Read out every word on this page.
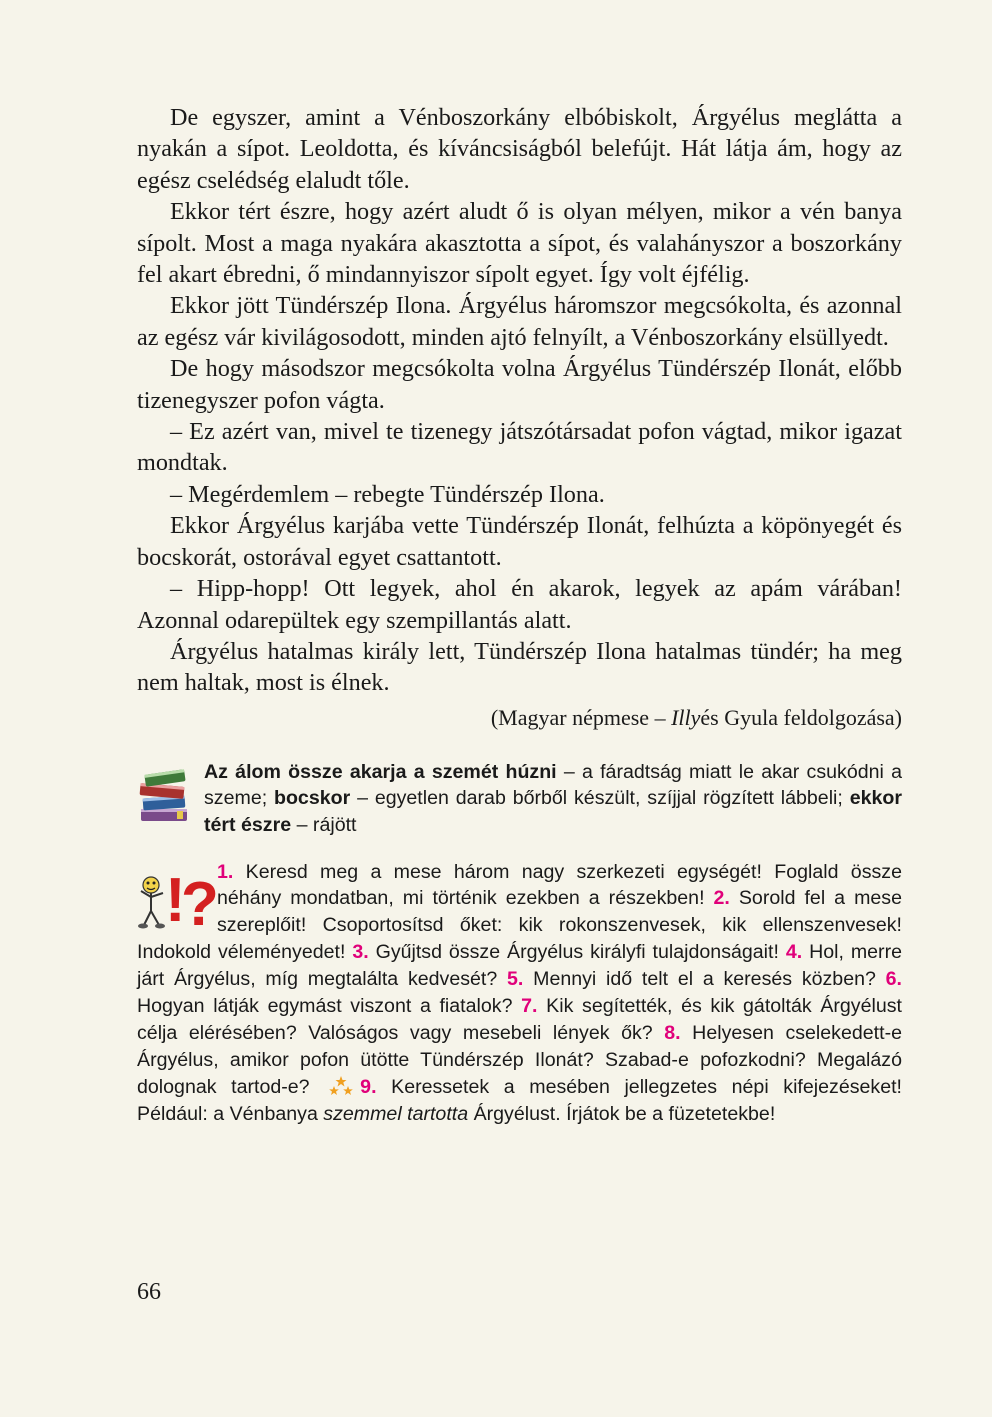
De egyszer, amint a Vénboszorkány elbóbiskolt, Árgyélus meglátta a nyakán a sípot. Leoldotta, és kíváncsiságból belefújt. Hát látja ám, hogy az egész cselédség elaludt tőle.

Ekkor tért észre, hogy azért aludt ő is olyan mélyen, mikor a vén banya sípolt. Most a maga nyakára akasztotta a sípot, és valahányszor a boszorkány fel akart ébredni, ő mindannyiszor sípolt egyet. Így volt éjfélig.

Ekkor jött Tündérszép Ilona. Árgyélus háromszor megcsókolta, és azonnal az egész vár kivilágosodott, minden ajtó felnyílt, a Vénboszorkány elsüllyedt.

De hogy másodszor megcsókolta volna Árgyélus Tündérszép Ilonát, előbb tizenegyszer pofon vágta.

– Ez azért van, mivel te tizenegy játszótársadat pofon vágtad, mikor igazat mondtak.

– Megérdemlem – rebegte Tündérszép Ilona.

Ekkor Árgyélus karjába vette Tündérszép Ilonát, felhúzta a köpönyegét és bocskorát, ostorával egyet csattantott.

– Hipp-hopp! Ott legyek, ahol én akarok, legyek az apám várában! Azonnal odarepültek egy szempillantás alatt.

Árgyélus hatalmas király lett, Tündérszép Ilona hatalmas tündér; ha meg nem haltak, most is élnek.

(Magyar népmese – Illyés Gyula feldolgozása)
Az álom össze akarja a szemét húzni – a fáradtság miatt le akar csukódni a szeme; bocskor – egyetlen darab bőrből készült, szíjjal rögzített lábbeli; ekkor tért észre – rájött
!
?
1. Keresd meg a mese három nagy szerkezeti egységét! Foglald össze néhány mondatban, mi történik ezekben a részekben! 2. Sorold fel a mese szereplőit! Csoportosítsd őket: kik rokonszenvesek, kik ellenszenvesek! Indokold véleményedet! 3. Gyűjtsd össze Árgyélus királyfi tulajdonságait! 4. Hol, merre járt Árgyélus, míg megtalálta kedvesét? 5. Mennyi idő telt el a keresés közben? 6. Hogyan látják egymást viszont a fiatalok? 7. Kik segítették, és kik gátolták Árgyélust célja elérésében? Valóságos vagy mesebeli lények ők? 8. Helyesen cselekedett-e Árgyélus, amikor pofon ütötte Tündérszép Ilonát? Szabad-e pofozkodni? Megalázó dolognak tartod-e? 9. Keressetek a mesében jellegzetes népi kifejezéseket! Például: a Vénbanya szemmel tartotta Árgyélust. Írjátok be a füzetetekbe!
66
